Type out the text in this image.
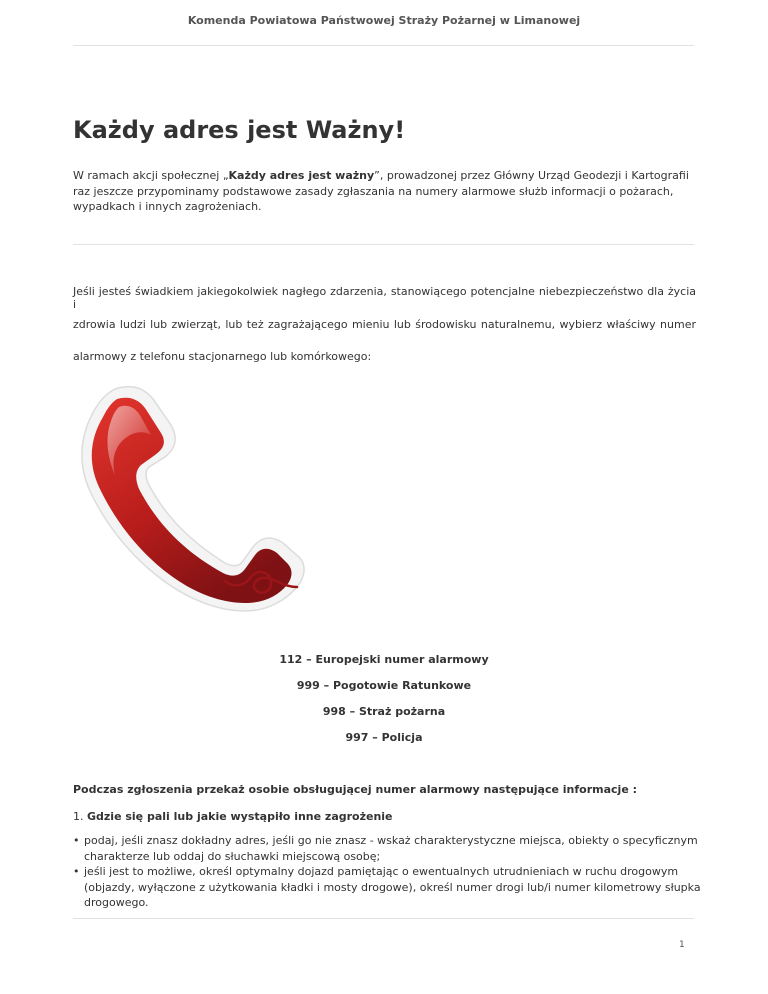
Komenda Powiatowa Państwowej Straży Pożarnej w Limanowej
Każdy adres jest Ważny!

W ramach akcji społecznej „Każdy adres jest ważny”, prowadzonej przez Główny Urząd Geodezji i Kartografii raz jeszcze przypominamy podstawowe zasady zgłaszania na numery alarmowe służb informacji o pożarach, wypadkach i innych zagrożeniach.

Jeśli jesteś świadkiem jakiegokolwiek nagłego zdarzenia, stanowiącego potencjalne niebezpieczeństwo dla życia i

zdrowia ludzi lub zwierząt, lub też zagrażającego mieniu lub środowisku naturalnemu, wybierz właściwy numer

alarmowy z telefonu stacjonarnego lub komórkowego:

112 – Europejski numer alarmowy
999 – Pogotowie Ratunkowe
998 – Straż pożarna
997 – Policja

Podczas zgłoszenia przekaż osobie obsługującej numer alarmowy następujące informacje :

1. Gdzie się pali lub jakie wystąpiło inne zagrożenie

• podaj, jeśli znasz dokładny adres, jeśli go nie znasz - wskaż charakterystyczne miejsca, obiekty o specyficznym charakterze lub oddaj do słuchawki miejscową osobę;
• jeśli jest to możliwe, określ optymalny dojazd pamiętając o ewentualnych utrudnieniach w ruchu drogowym (objazdy, wyłączone z użytkowania kładki i mosty drogowe), określ numer drogi lub/i numer kilometrowy słupka drogowego.
1
